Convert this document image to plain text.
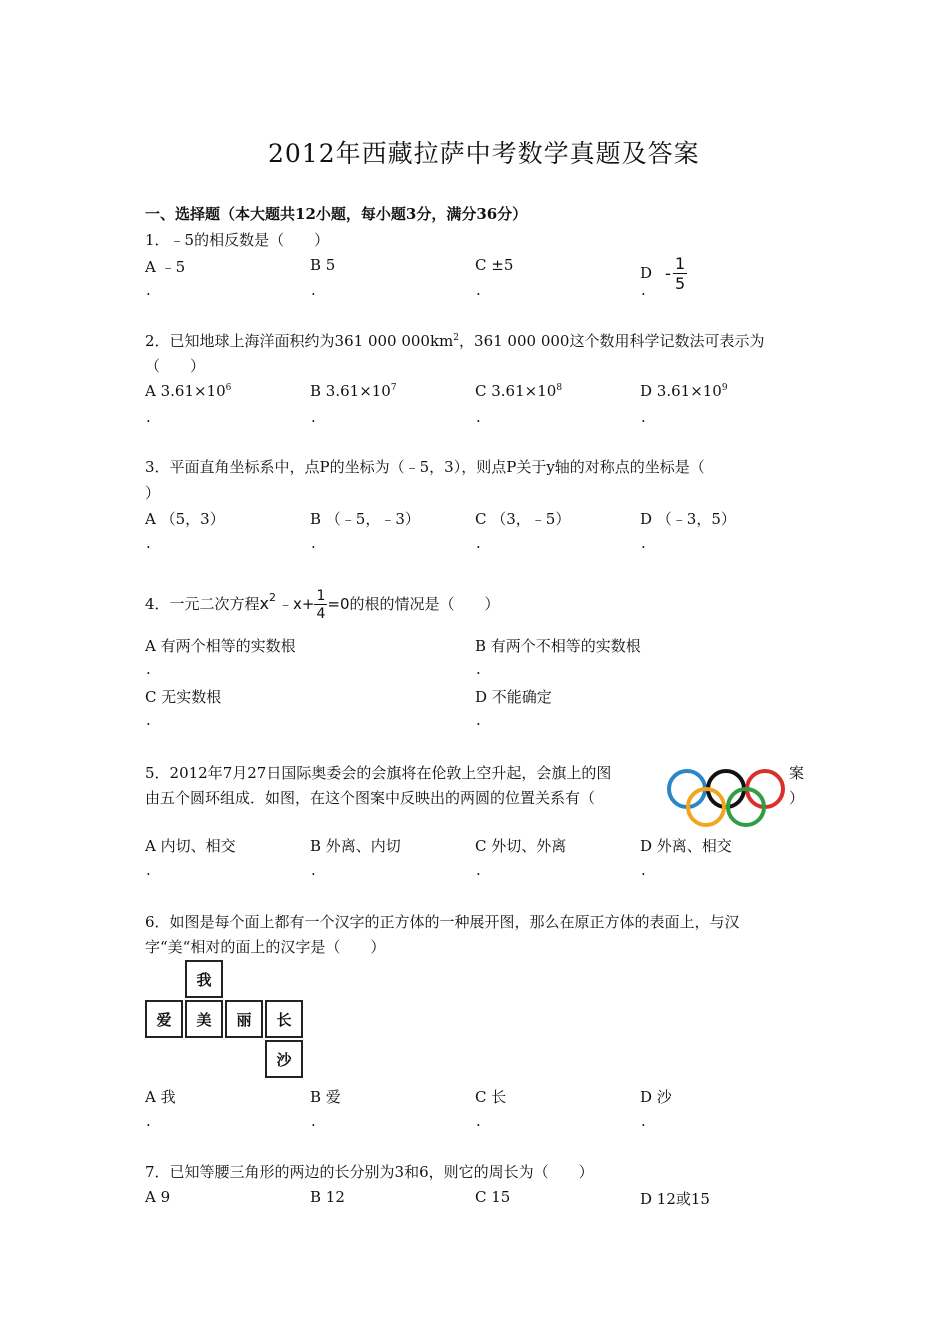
2012年西藏拉萨中考数学真题及答案
一、选择题（本大题共12小题，每小题3分，满分36分）
1．﹣5的相反数是（　　）
A ﹣5	B 5	C ±5	D - $\frac{1}{5}$
.	.	.	.
2．已知地球上海洋面积约为361 000 $000km^2$，361 000 000这个数用科学记数法可表示为
（　　）
A $3.61\times 10^6$	B $3.61\times 10^7$	C $3.61\times 10^8$	D $3.61\times 10^9$
.	.	.	.
3．平面直角坐标系中，点P的坐标为（﹣5，3），则点P关于y轴的对称点的坐标是（
）
A （5，3）	B （﹣5，﹣3）	C （3，﹣5）	D （﹣3，5）
.	.	.	.
4．一元二次方程$x^2$ ﹣x+ $\frac{1}{4} =0$的根的情况是（　　）
A 有两个相等的实数根	B 有两个不相等的实数根
.	.
C 无实数根	D 不能确定
.	.
5．2012年7月27日国际奥委会的会旗将在伦敦上空升起，会旗上的图	案
由五个圆环组成．如图，在这个图案中反映出的两圆的位置关系有（	）
A 内切、相交	B 外离、内切	C 外切、外离	D 外离、相交
.	.	.	.
6．如图是每个面上都有一个汉字的正方体的一种展开图，那么在原正方体的表面上，与汉
字“美“相对的面上的汉字是（　　）
我
爱	美	丽	长
沙
A 我	B 爱	C 长	D 沙
.	.	.	.
7．已知等腰三角形的两边的长分别为3和6，则它的周长为（　　）
A 9	B 12	C 15	D 12或15
